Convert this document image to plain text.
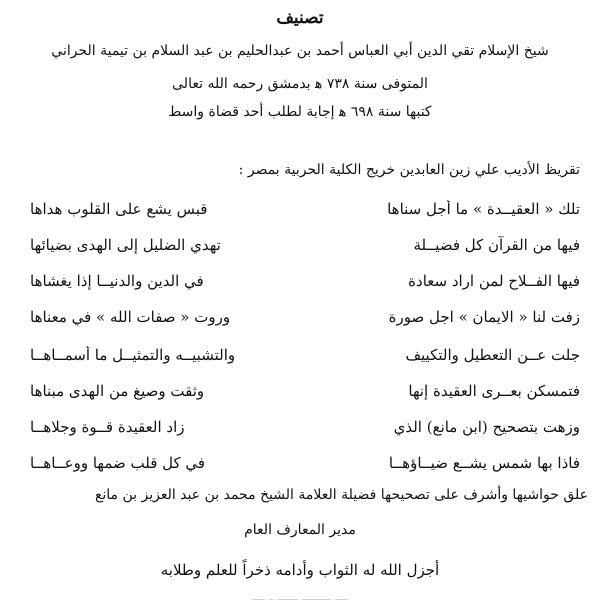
تصنيف
شيخ الإسلام تقي الدين أبي العباس أحمد بن عبدالحليم بن عبد السلام بن تيمية الحراني
المتوفى سنة ٧٣٨ ﻫ بدمشق رحمه الله تعالى
كتبها سنة ٦٩٨ ﻫ إجابة لطلب أحد قضاة واسط
تقريظ الأديب علي زين العابدين خريج الكلية الحربية بمصر :
تلك « العقيــدة » ما أجل سناها
قبس يشع على القلوب هداها
فيها من القرآن كل فضيــلة
تهدي الضليل إلى الهدى بضيائها
فيها الفــلاح لمن اراد سعادة
في الدين والدنيــا إذا يغشاها
زفت لنا « الايمان » اجل صورة
وروت « صفات الله » في معناها
جلت عــن التعطيل والتكييف
والتشبيــه والتمثيــل ما أسمــاهــا
فتمسكن بعــرى العقيدة إنها
وثقت وصيغ من الهدى مبناها
وزهت بتصحيح (ابن مانع) الذي
زاد العقيدة قــوة وجلاهــا
فاذا بها شمس يشــع ضيــاؤهــا
في كل قلب ضمها ووعــاهــا
علق حواشيها وأشرف على تصحيحها فضيلة العلامة الشيخ محمد بن عبد العزيز بن مانع
مدير المعارف العام
أجزل الله له الثواب وأدامه ذخراً للعلم وطلابه
ـــ ـــــــ ـــــ ـ ـــ
